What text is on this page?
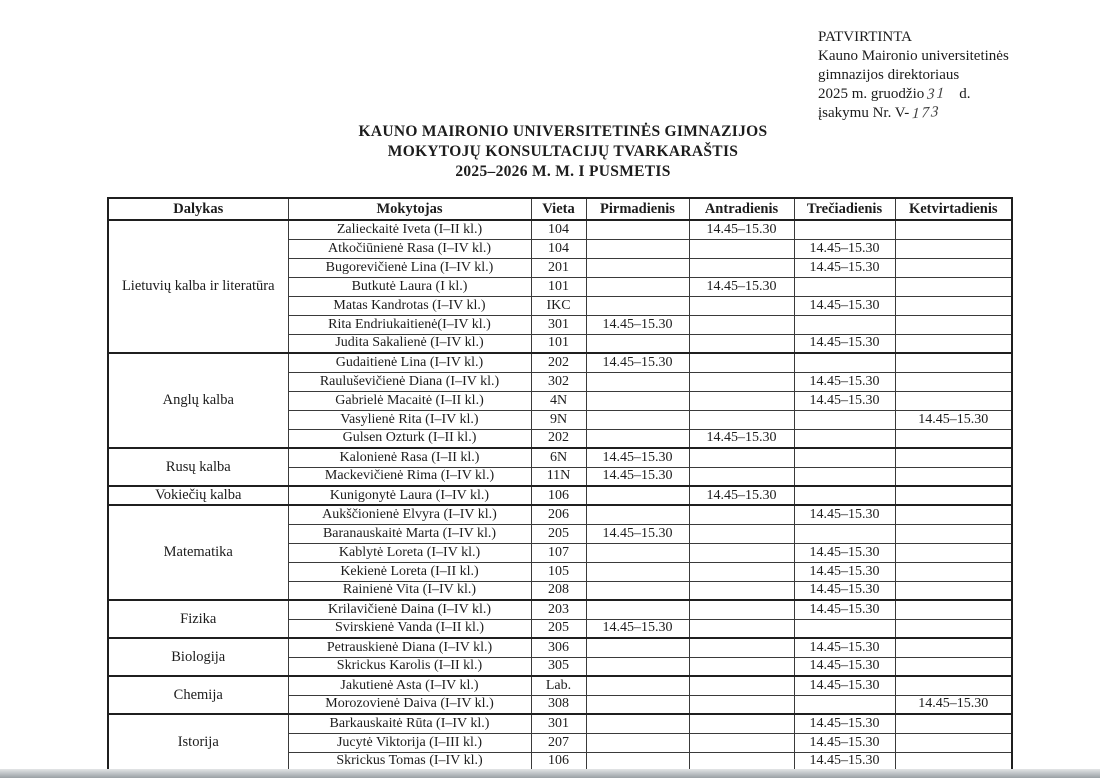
PATVIRTINTA
Kauno Maironio universitetinės
gimnazijos direktoriaus
2025 m. gruodžio 31 d.
įsakymu Nr. V- 173
KAUNO MAIRONIO UNIVERSITETINĖS GIMNAZIJOS
MOKYTOJŲ KONSULTACIJŲ TVARKARAŠTIS
2025–2026 M. M. I PUSMETIS
Dalykas	Mokytojas	Vieta	Pirmadienis	Antradienis	Trečiadienis	Ketvirtadienis
Lietuvių kalba ir literatūra	Zalieckaitė Iveta (I–II kl.)	104		14.45–15.30		
	Atkočiūnienė Rasa (I–IV kl.)	104			14.45–15.30	
	Bugorevičienė Lina (I–IV kl.)	201			14.45–15.30	
	Butkutė Laura (I kl.)	101		14.45–15.30		
	Matas Kandrotas (I–IV kl.)	IKC			14.45–15.30	
	Rita Endriukaitienė(I–IV kl.)	301	14.45–15.30			
	Judita Sakalienė (I–IV kl.)	101			14.45–15.30	
Anglų kalba	Gudaitienė Lina (I–IV kl.)	202	14.45–15.30			
	Rauluševičienė Diana (I–IV kl.)	302			14.45–15.30	
	Gabrielė Macaitė (I–II kl.)	4N			14.45–15.30	
	Vasylienė Rita (I–IV kl.)	9N				14.45–15.30
	Gulsen Ozturk (I–II kl.)	202		14.45–15.30		
Rusų kalba	Kalonienė Rasa (I–II kl.)	6N	14.45–15.30			
	Mackevičienė Rima (I–IV kl.)	11N	14.45–15.30			
Vokiečių kalba	Kunigonytė Laura (I–IV kl.)	106		14.45–15.30		
Matematika	Aukščionienė Elvyra (I–IV kl.)	206			14.45–15.30	
	Baranauskaitė Marta (I–IV kl.)	205	14.45–15.30			
	Kablytė Loreta (I–IV kl.)	107			14.45–15.30	
	Kekienė Loreta (I–II kl.)	105			14.45–15.30	
	Rainienė Vita (I–IV kl.)	208			14.45–15.30	
Fizika	Krilavičienė Daina (I–IV kl.)	203			14.45–15.30	
	Svirskienė Vanda (I–II kl.)	205	14.45–15.30			
Biologija	Petrauskienė Diana (I–IV kl.)	306			14.45–15.30	
	Skrickus Karolis (I–II kl.)	305			14.45–15.30	
Chemija	Jakutienė Asta (I–IV kl.)	Lab.			14.45–15.30	
	Morozovienė Daiva (I–IV kl.)	308				14.45–15.30
Istorija	Barkauskaitė Rūta (I–IV kl.)	301			14.45–15.30	
	Jucytė Viktorija (I–III kl.)	207			14.45–15.30	
	Skrickus Tomas (I–IV kl.)	106			14.45–15.30	
